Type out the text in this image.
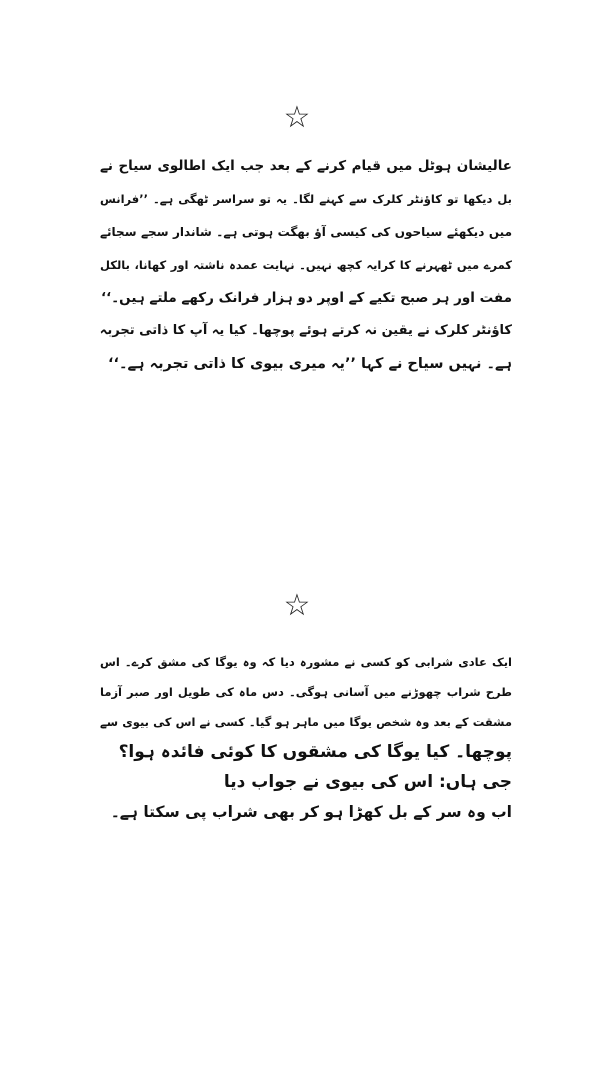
☆

عالیشان ہوٹل میں قیام کرنے کے بعد جب ایک اطالوی سیاح نے

بل دیکھا تو کاؤنٹر کلرک سے کہنے لگا۔ یہ تو سراسر ٹھگی ہے۔ ’’فرانس

میں دیکھئے سیاحوں کی کیسی آؤ بھگت ہوتی ہے۔ شاندار سجے سجائے

کمرے میں ٹھہرنے کا کرایہ کچھ نہیں۔ نہایت عمدہ ناشتہ اور کھانا، بالکل

مفت اور ہر صبح تکیے کے اوپر دو ہزار فرانک رکھے ملتے ہیں۔‘‘

کاؤنٹر کلرک نے یقین نہ کرتے ہوئے پوچھا۔ کیا یہ آپ کا ذاتی تجربہ

ہے۔ نہیں سیاح نے کہا ’’یہ میری بیوی کا ذاتی تجربہ ہے۔‘‘

☆

ایک عادی شرابی کو کسی نے مشورہ دیا کہ وہ یوگا کی مشق کرے۔ اس

طرح شراب چھوڑنے میں آسانی ہوگی۔ دس ماہ کی طویل اور صبر آزما

مشقت کے بعد وہ شخص یوگا میں ماہر ہو گیا۔ کسی نے اس کی بیوی سے

پوچھا۔ کیا یوگا کی مشقوں کا کوئی فائدہ ہوا؟

جی ہاں: اس کی بیوی نے جواب دیا

اب وہ سر کے بل کھڑا ہو کر بھی شراب پی سکتا ہے۔
